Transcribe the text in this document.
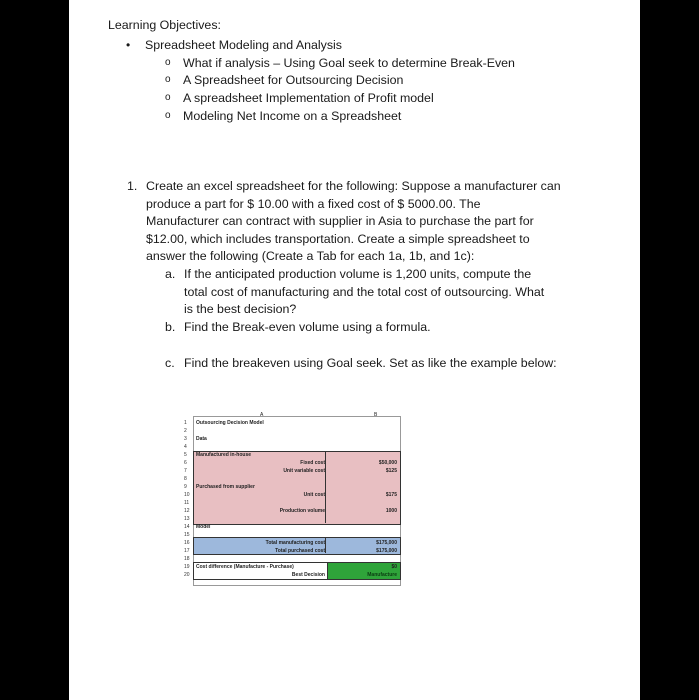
Learning Objectives:
• Spreadsheet Modeling and Analysis
o What if analysis – Using Goal seek to determine Break-Even
o A Spreadsheet for Outsourcing Decision
o A spreadsheet Implementation of Profit model
o Modeling Net Income on a Spreadsheet
1. Create an excel spreadsheet for the following: Suppose a manufacturer can
produce a part for $ 10.00 with a fixed cost of $ 5000.00. The
Manufacturer can contract with supplier in Asia to purchase the part for
$12.00, which includes transportation. Create a simple spreadsheet to
answer the following (Create a Tab for each 1a, 1b, and 1c):
a. If the anticipated production volume is 1,200 units, compute the
total cost of manufacturing and the total cost of outsourcing. What
is the best decision?
b. Find the Break-even volume using a formula.
c. Find the breakeven using Goal seek. Set as like the example below:
A	B
1
2
3
4
5
6
7
8
9
10
11
12
13
14
15
16
17
18
19
20
Outsourcing Decision Model
Data
Manufactured in-house
Fixed cost	$50,000
Unit variable cost	$125
Purchased from supplier
Unit cost	$175
Production volume	1000
Model
Total manufacturing cost	$175,000
Total purchased cost	$175,000
Cost difference (Manufacture - Purchase)	$0
Best Decision	Manufacture
